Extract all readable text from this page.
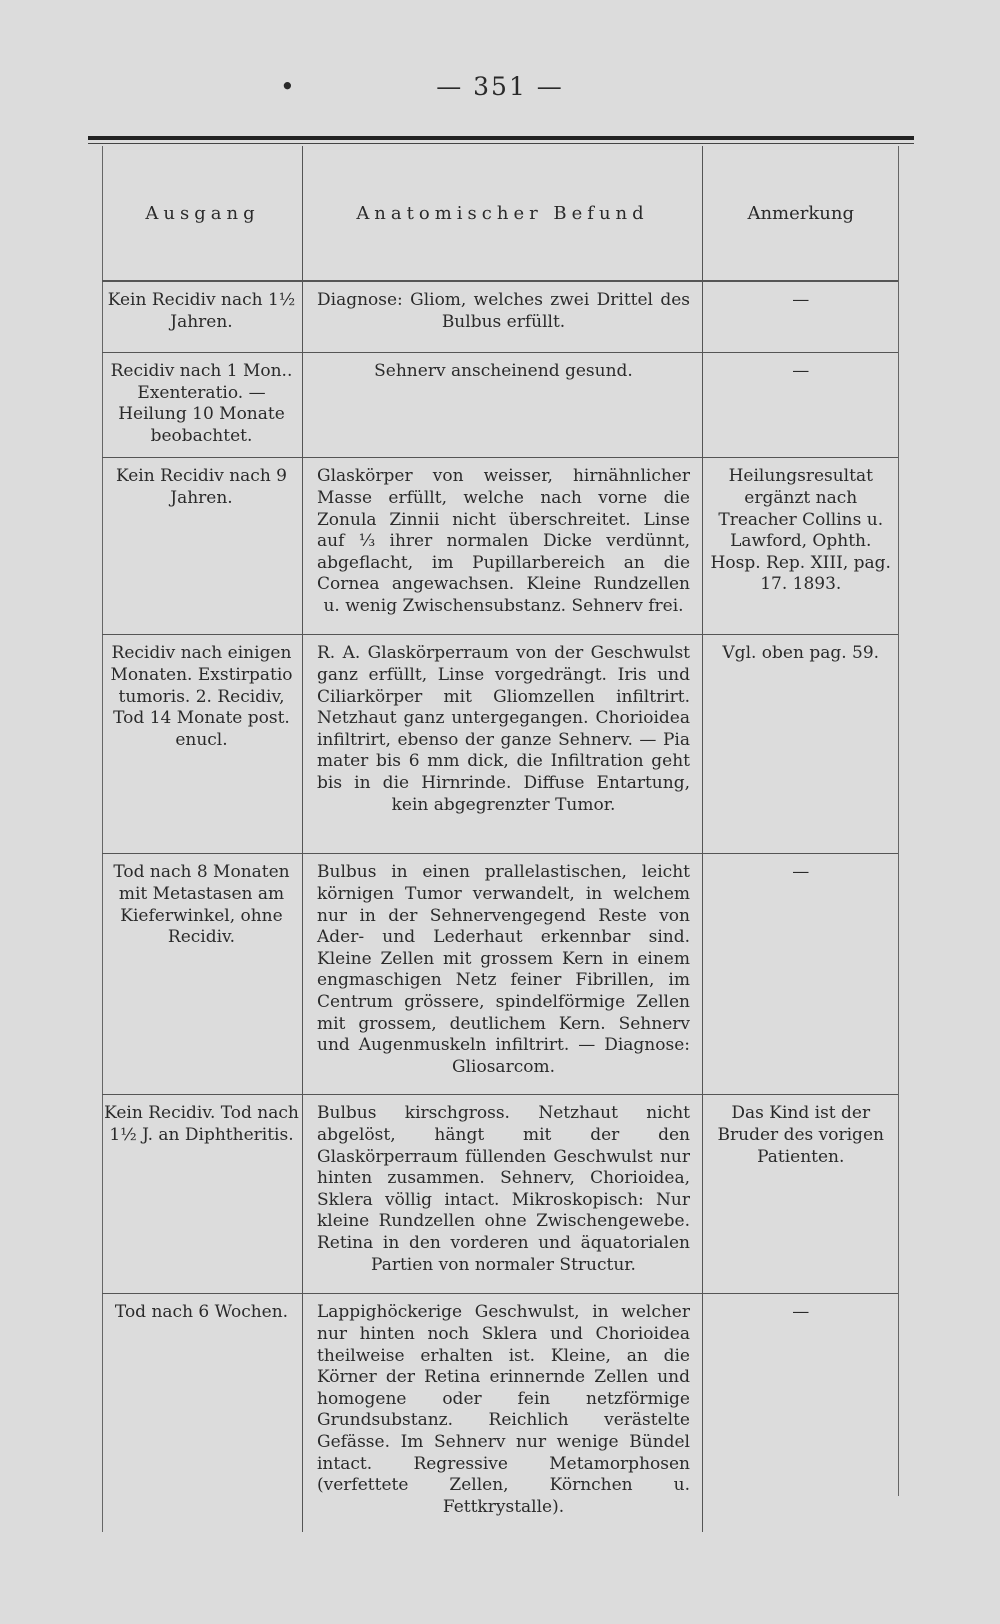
•	— 351 —
Ausgang	Anatomischer Befund	Anmerkung
Kein Recidiv nach 1½ Jahren.	Diagnose: Gliom, welches zwei Drittel des Bulbus erfüllt.	—
Recidiv nach 1 Mon.. Exenteratio. — Heilung 10 Monate beobachtet.	Sehnerv anscheinend gesund.	—
Kein Recidiv nach 9 Jahren.	Glaskörper von weisser, hirnähnlicher Masse erfüllt, welche nach vorne die Zonula Zinnii nicht überschreitet. Linse auf ⅓ ihrer normalen Dicke verdünnt, abgeflacht, im Pupillarbereich an die Cornea angewachsen. Kleine Rundzellen u. wenig Zwischensubstanz. Sehnerv frei.	Heilungsresultat ergänzt nach Treacher Collins u. Lawford, Ophth. Hosp. Rep. XIII, pag. 17. 1893.
Recidiv nach einigen Monaten. Exstirpatio tumoris. 2. Recidiv, Tod 14 Monate post. enucl.	R. A. Glaskörperraum von der Geschwulst ganz erfüllt, Linse vorgedrängt. Iris und Ciliarkörper mit Gliomzellen infiltrirt. Netzhaut ganz untergegangen. Chorioidea infiltrirt, ebenso der ganze Sehnerv. — Pia mater bis 6 mm dick, die Infiltration geht bis in die Hirnrinde. Diffuse Entartung, kein abgegrenzter Tumor.	Vgl. oben pag. 59.
Tod nach 8 Monaten mit Metastasen am Kieferwinkel, ohne Recidiv.	Bulbus in einen prallelastischen, leicht körnigen Tumor verwandelt, in welchem nur in der Sehnervengegend Reste von Ader- und Lederhaut erkennbar sind. Kleine Zellen mit grossem Kern in einem engmaschigen Netz feiner Fibrillen, im Centrum grössere, spindelförmige Zellen mit grossem, deutlichem Kern. Sehnerv und Augenmuskeln infiltrirt. — Diagnose: Gliosarcom.	—
Kein Recidiv. Tod nach 1½ J. an Diphtheritis.	Bulbus kirschgross. Netzhaut nicht abgelöst, hängt mit der den Glaskörperraum füllenden Geschwulst nur hinten zusammen. Sehnerv, Chorioidea, Sklera völlig intact. Mikroskopisch: Nur kleine Rundzellen ohne Zwischengewebe. Retina in den vorderen und äquatorialen Partien von normaler Structur.	Das Kind ist der Bruder des vorigen Patienten.
Tod nach 6 Wochen.	Lappighöckerige Geschwulst, in welcher nur hinten noch Sklera und Chorioidea theilweise erhalten ist. Kleine, an die Körner der Retina erinnernde Zellen und homogene oder fein netzförmige Grundsubstanz. Reichlich verästelte Gefässe. Im Sehnerv nur wenige Bündel intact. Regressive Metamorphosen (verfettete Zellen, Körnchen u. Fettkrystalle).	—
